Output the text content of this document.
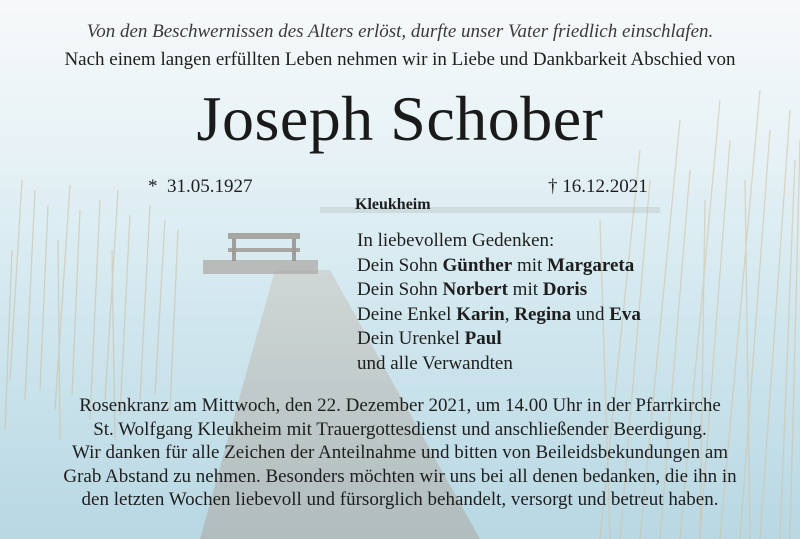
Von den Beschwernissen des Alters erlöst, durfte unser Vater friedlich einschlafen.
Nach einem langen erfüllten Leben nehmen wir in Liebe und Dankbarkeit Abschied von
Joseph Schober
* 31.05.1927
Kleukheim
† 16.12.2021
In liebevollem Gedenken:
Dein Sohn Günther mit Margareta
Dein Sohn Norbert mit Doris
Deine Enkel Karin, Regina und Eva
Dein Urenkel Paul
und alle Verwandten
Rosenkranz am Mittwoch, den 22. Dezember 2021, um 14.00 Uhr in der Pfarrkirche
St. Wolfgang Kleukheim mit Trauergottesdienst und anschließender Beerdigung.
Wir danken für alle Zeichen der Anteilnahme und bitten von Beileidsbekundungen am
Grab Abstand zu nehmen. Besonders möchten wir uns bei all denen bedanken, die ihn in
den letzten Wochen liebevoll und fürsorglich behandelt, versorgt und betreut haben.
